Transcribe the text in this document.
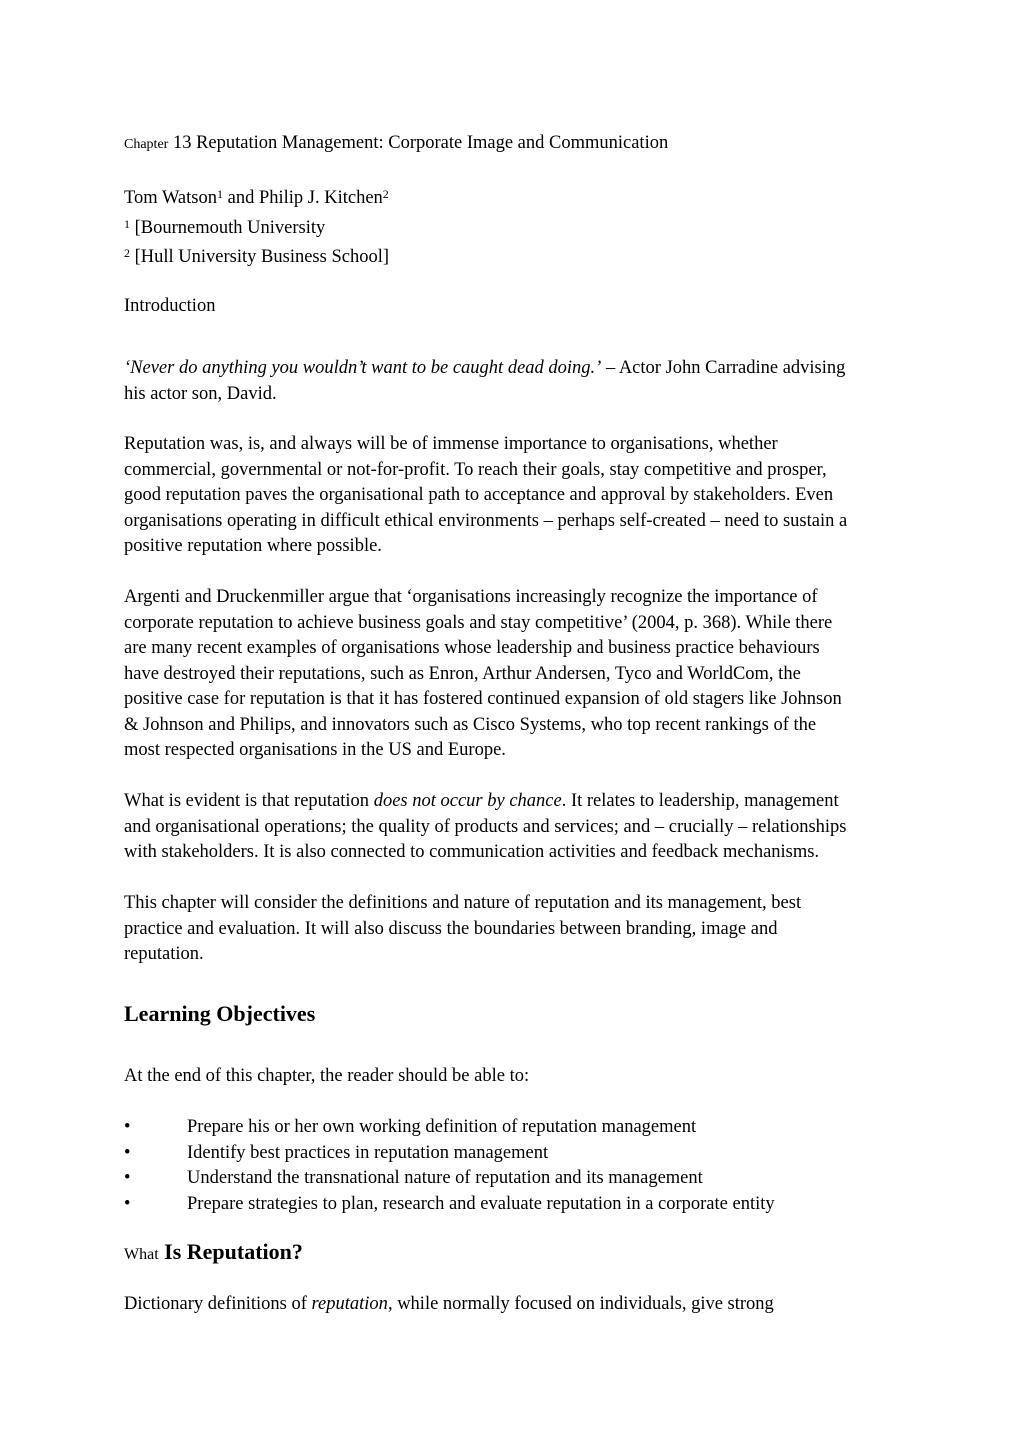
Chapter 13 Reputation Management: Corporate Image and Communication
Tom Watson$^1$ and Philip J. Kitchen$^2$
$^1$ [Bournemouth University
$^2$ [Hull University Business School]
Introduction
‘Never do anything you wouldn’t want to be caught dead doing.’ – Actor John Carradine advising
his actor son, David.
Reputation was, is, and always will be of immense importance to organisations, whether
commercial, governmental or not-for-profit. To reach their goals, stay competitive and prosper,
good reputation paves the organisational path to acceptance and approval by stakeholders. Even
organisations operating in difficult ethical environments – perhaps self-created – need to sustain a
positive reputation where possible.
Argenti and Druckenmiller argue that ‘organisations increasingly recognize the importance of
corporate reputation to achieve business goals and stay competitive’ (2004, p. 368). While there
are many recent examples of organisations whose leadership and business practice behaviours
have destroyed their reputations, such as Enron, Arthur Andersen, Tyco and WorldCom, the
positive case for reputation is that it has fostered continued expansion of old stagers like Johnson
& Johnson and Philips, and innovators such as Cisco Systems, who top recent rankings of the
most respected organisations in the US and Europe.
What is evident is that reputation does not occur by chance. It relates to leadership, management
and organisational operations; the quality of products and services; and – crucially – relationships
with stakeholders. It is also connected to communication activities and feedback mechanisms.
This chapter will consider the definitions and nature of reputation and its management, best
practice and evaluation. It will also discuss the boundaries between branding, image and
reputation.
Learning Objectives
At the end of this chapter, the reader should be able to:
•	Prepare his or her own working definition of reputation management
•	Identify best practices in reputation management
•	Understand the transnational nature of reputation and its management
•	Prepare strategies to plan, research and evaluate reputation in a corporate entity
What Is Reputation?
Dictionary definitions of reputation, while normally focused on individuals, give strong
